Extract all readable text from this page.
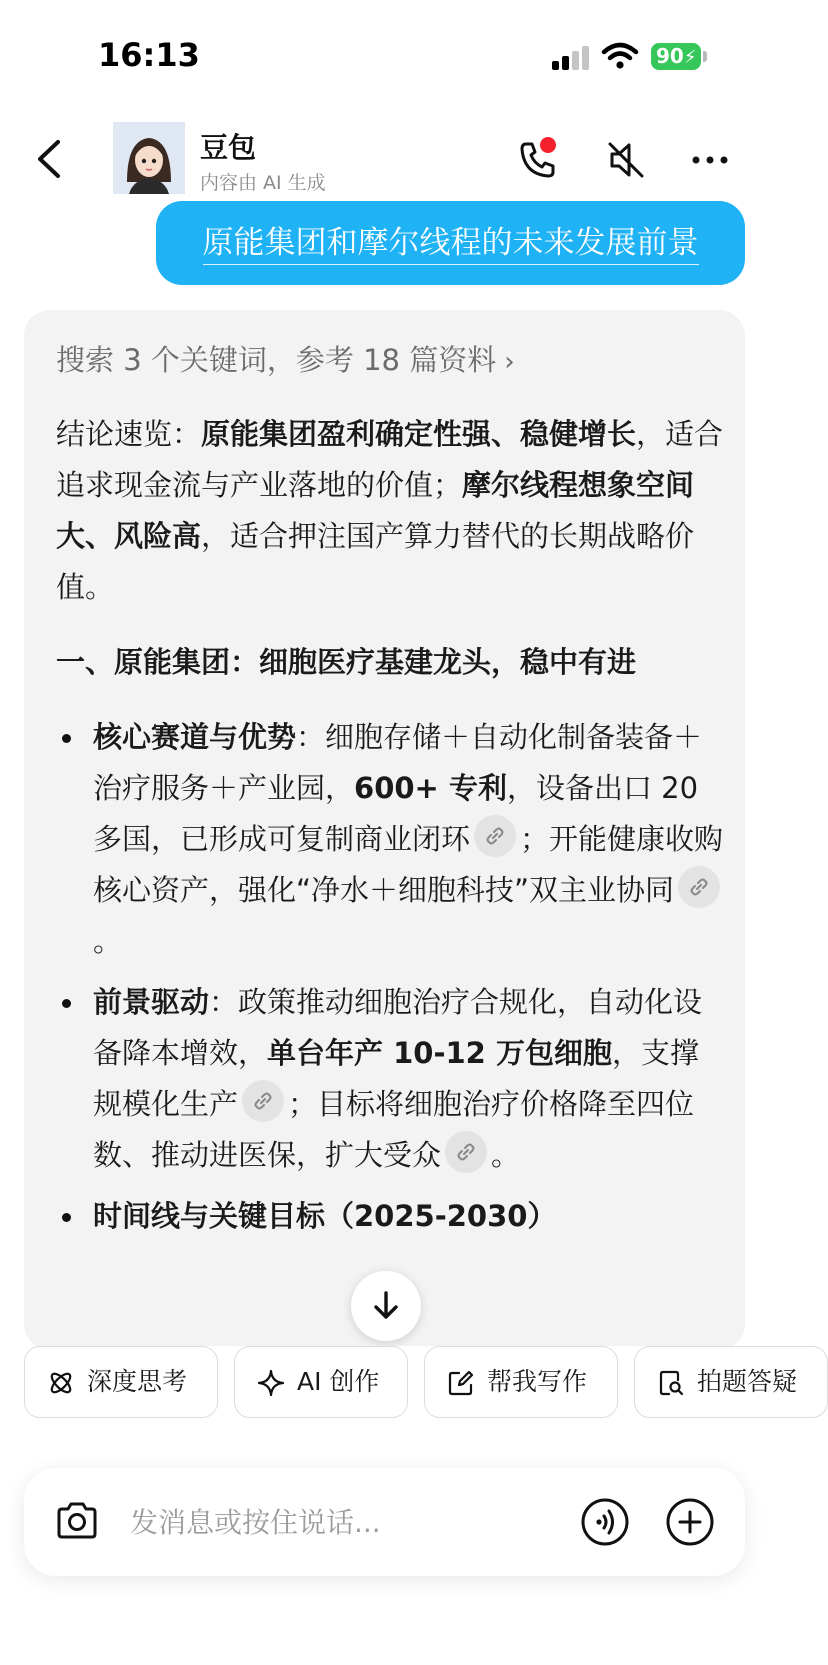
16:13	90⚡
豆包
内容由 AI 生成
原能集团和摩尔线程的未来发展前景
搜索 3 个关键词，参考 18 篇资料 ›

结论速览：原能集团盈利确定性强、稳健增长，适合追求现金流与产业落地的价值；摩尔线程想象空间大、风险高，适合押注国产算力替代的长期战略价值。

一、原能集团：细胞医疗基建龙头，稳中有进

核心赛道与优势：细胞存储＋自动化制备装备＋治疗服务＋产业园，600+ 专利，设备出口 20 多国，已形成可复制商业闭环 ；开能健康收购核心资产，强化“净水＋细胞科技”双主业协同
。
前景驱动：政策推动细胞治疗合规化，自动化设备降本增效，单台年产 10-12 万包细胞，支撑规模化生产 ；目标将细胞治疗价格降至四位数、推动进医保，扩大受众 。
时间线与关键目标（2025-2030）
深度思考	AI 创作	帮我写作	拍题答疑
发消息或按住说话...
